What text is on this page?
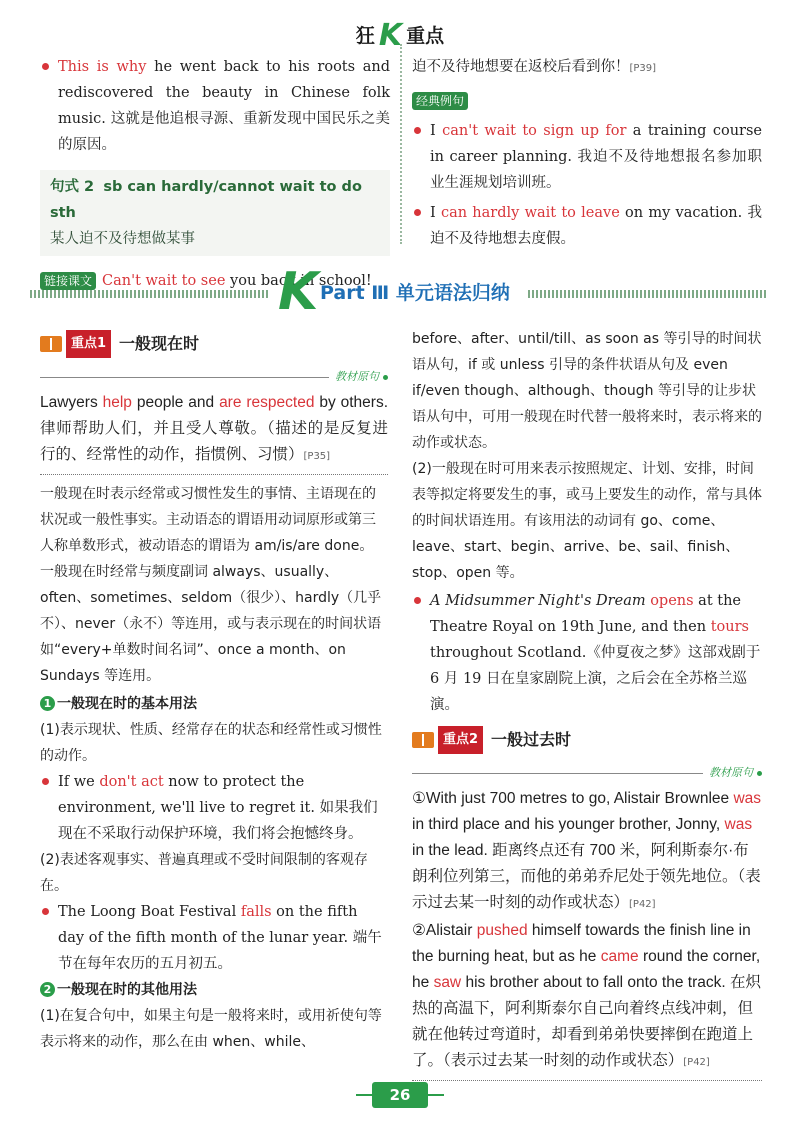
狂 K 重点
This is why he went back to his roots and rediscovered the beauty in Chinese folk music. 这就是他追根寻源、重新发现中国民乐之美的原因。
句式 2 sb can hardly/cannot wait to do sth
某人迫不及待想做某事
链接课文 Can't wait to see you back in school!
迫不及待地想要在返校后看到你！[P39]
经典例句
I can't wait to sign up for a training course in career planning. 我迫不及待地想报名参加职业生涯规划培训班。
I can hardly wait to leave on my vacation. 我迫不及待地想去度假。
K Part Ⅲ 单元语法归纳
重点1 一般现在时
教材原句
Lawyers help people and are respected by others. 律师帮助人们，并且受人尊敬。（描述的是反复进行的、经常性的动作，指惯例、习惯）[P35]
一般现在时表示经常或习惯性发生的事情、主语现在的状况或一般性事实。主动语态的谓语用动词原形或第三人称单数形式，被动语态的谓语为 am/is/are done。
一般现在时经常与频度副词 always、usually、often、sometimes、seldom（很少）、hardly（几乎不）、never（永不）等连用，或与表示现在的时间状语如“every+单数时间名词”、once a month、on Sundays 等连用。
1 一般现在时的基本用法
(1)表示现状、性质、经常存在的状态和经常性或习惯性的动作。
If we don't act now to protect the environment, we'll live to regret it. 如果我们现在不采取行动保护环境，我们将会抱憾终身。
(2)表述客观事实、普遍真理或不受时间限制的客观存在。
The Loong Boat Festival falls on the fifth day of the fifth month of the lunar year. 端午节在每年农历的五月初五。
2 一般现在时的其他用法
(1)在复合句中，如果主句是一般将来时，或用祈使句等表示将来的动作，那么在由 when、while、
before、after、until/till、as soon as 等引导的时间状语从句，if 或 unless 引导的条件状语从句及 even if/even though、although、though 等引导的让步状语从句中，可用一般现在时代替一般将来时，表示将来的动作或状态。
(2)一般现在时可用来表示按照规定、计划、安排，时间表等拟定将要发生的事，或马上要发生的动作，常与具体的时间状语连用。有该用法的动词有 go、come、leave、start、begin、arrive、be、sail、finish、stop、open 等。
A Midsummer Night's Dream opens at the Theatre Royal on 19th June, and then tours throughout Scotland.《仲夏夜之梦》这部戏剧于 6 月 19 日在皇家剧院上演，之后会在全苏格兰巡演。
重点2 一般过去时
教材原句
①With just 700 metres to go, Alistair Brownlee was in third place and his younger brother, Jonny, was in the lead. 距离终点还有 700 米，阿利斯泰尔·布朗利位列第三，而他的弟弟乔尼处于领先地位。（表示过去某一时刻的动作或状态）[P42]
②Alistair pushed himself towards the finish line in the burning heat, but as he came round the corner, he saw his brother about to fall onto the track. 在炽热的高温下，阿利斯泰尔自己向着终点线冲刺，但就在他转过弯道时，却看到弟弟快要摔倒在跑道上了。（表示过去某一时刻的动作或状态）[P42]
26
